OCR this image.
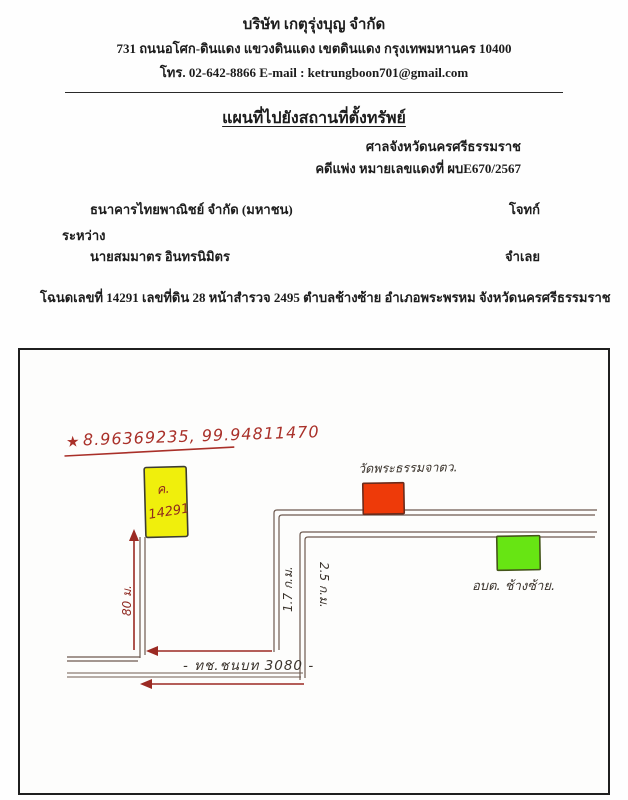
บริษัท เกตุรุ่งบุญ จำกัด
731 ถนนอโศก-ดินแดง แขวงดินแดง เขตดินแดง กรุงเทพมหานคร 10400
โทร. 02-642-8866 E-mail : ketrungboon701@gmail.com
แผนที่ไปยังสถานที่ตั้งทรัพย์
ศาลจังหวัดนครศรีธรรมราช
คดีแพ่ง หมายเลขแดงที่ ผบE670/2567
ธนาคารไทยพาณิชย์ จำกัด (มหาชน)	โจทก์
ระหว่าง
นายสมมาตร อินทรนิมิตร	จำเลย
โฉนดเลขที่ 14291 เลขที่ดิน 28 หน้าสำรวจ 2495 ตำบลช้างซ้าย อำเภอพระพรหม จังหวัดนครศรีธรรมราช
★ 8.96369235, 99.94811470
ค.
14291
วัดพระธรรมจาตว.
อบต. ช้างซ้าย.
- ทช.ชนบท 3080 -
80 ม.	1.7 ก.ม. 2.5 ก.ม.
